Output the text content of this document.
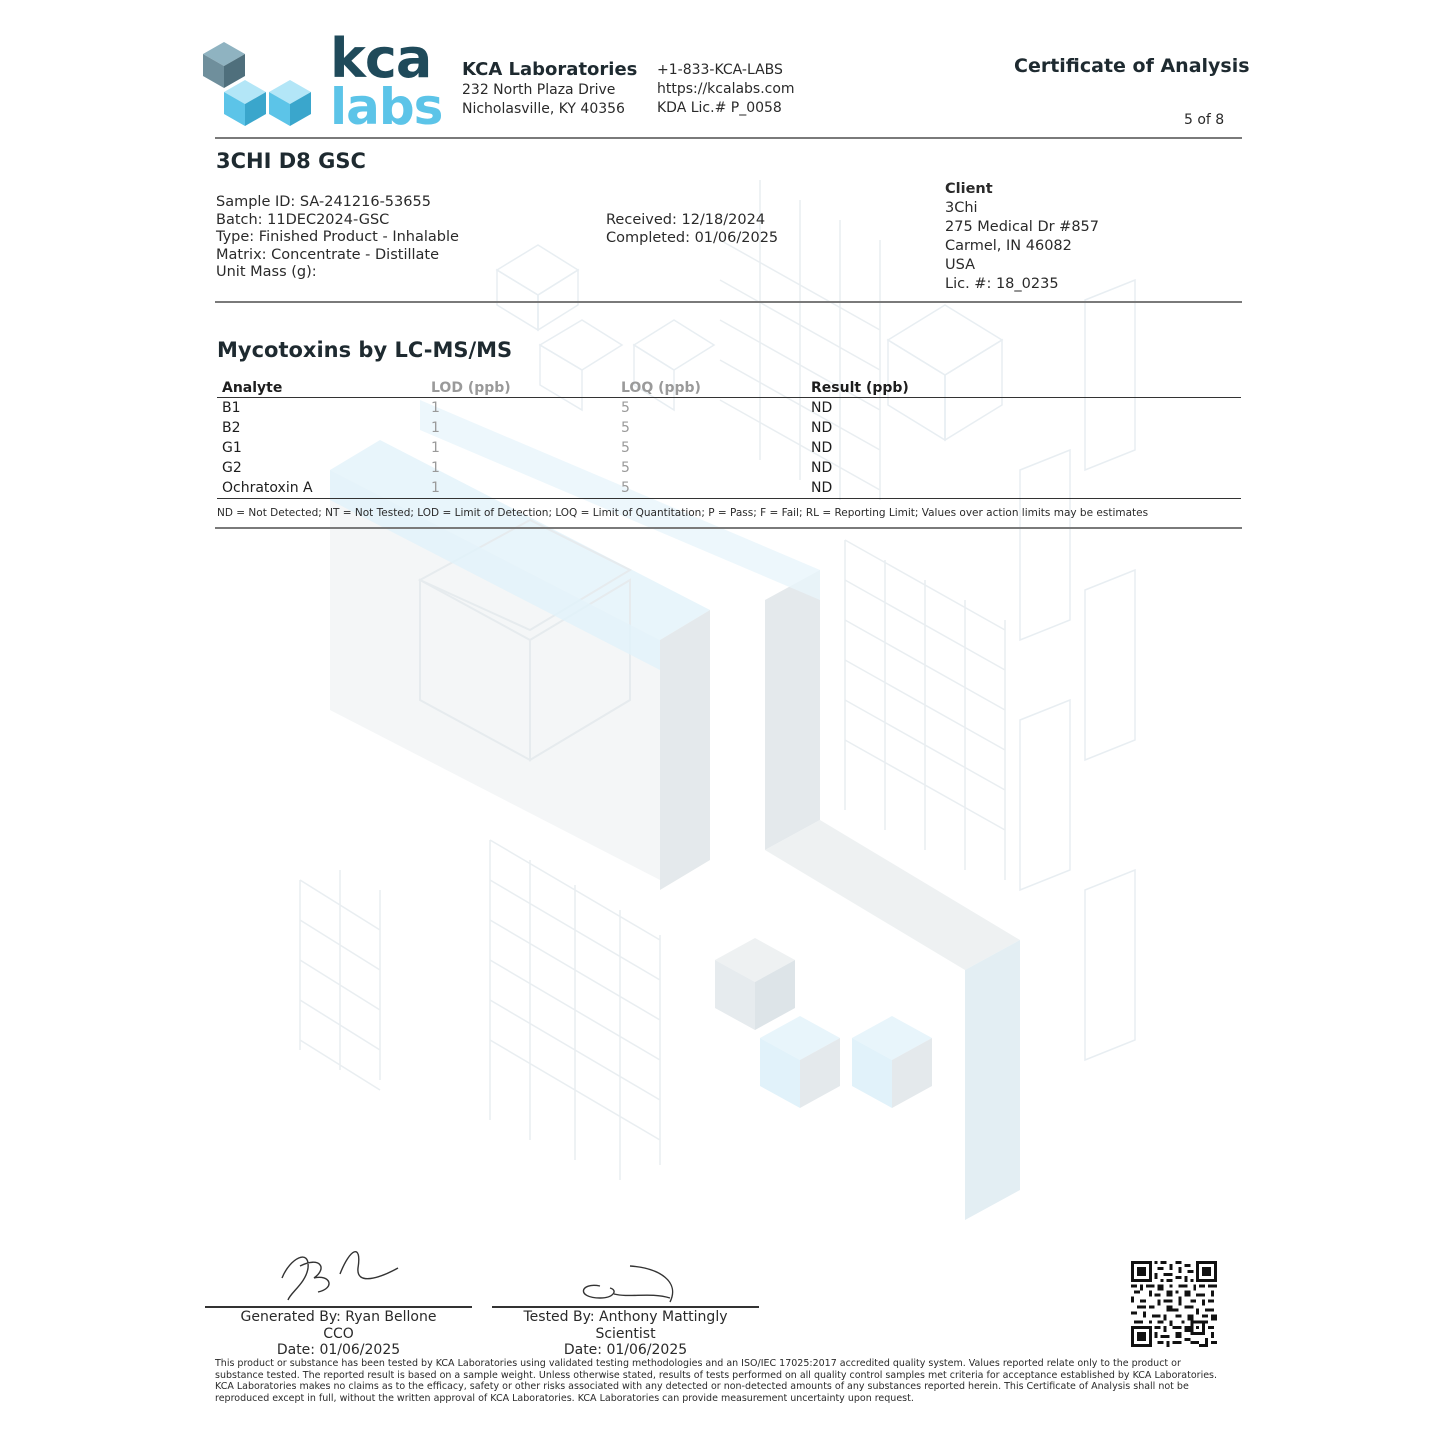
kca
labs
KCA Laboratories
232 North Plaza Drive
Nicholasville, KY 40356
+1-833-KCA-LABS
https://kcalabs.com
KDA Lic.# P_0058
Certificate of Analysis
5 of 8
3CHI D8 GSC
Sample ID: SA-241216-53655
Batch: 11DEC2024-GSC
Type: Finished Product - Inhalable
Matrix: Concentrate - Distillate
Unit Mass (g):
Received: 12/18/2024
Completed: 01/06/2025
Client
3Chi
275 Medical Dr #857
Carmel, IN 46082
USA
Lic. #: 18_0235
Mycotoxins by LC-MS/MS
Analyte	LOD (ppb)	LOQ (ppb)	Result (ppb)
B1	1	5	ND
B2	1	5	ND
G1	1	5	ND
G2	1	5	ND
Ochratoxin A	1	5	ND
ND = Not Detected; NT = Not Tested; LOD = Limit of Detection; LOQ = Limit of Quantitation; P = Pass; F = Fail; RL = Reporting Limit; Values over action limits may be estimates
Generated By: Ryan Bellone
CCO
Date: 01/06/2025
Tested By: Anthony Mattingly
Scientist
Date: 01/06/2025
This product or substance has been tested by KCA Laboratories using validated testing methodologies and an ISO/IEC 17025:2017 accredited quality system. Values reported relate only to the product or substance tested. The reported result is based on a sample weight. Unless otherwise stated, results of tests performed on all quality control samples met criteria for acceptance established by KCA Laboratories. KCA Laboratories makes no claims as to the efficacy, safety or other risks associated with any detected or non-detected amounts of any substances reported herein. This Certificate of Analysis shall not be reproduced except in full, without the written approval of KCA Laboratories. KCA Laboratories can provide measurement uncertainty upon request.
